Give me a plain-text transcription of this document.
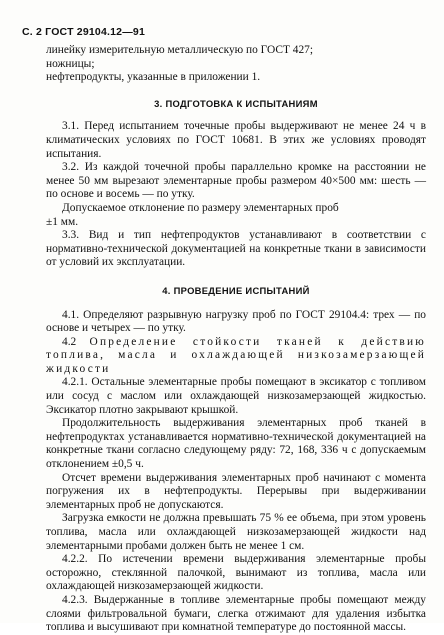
С. 2 ГОСТ 29104.12—91

линейку измерительную металлическую по ГОСТ 427;

ножницы;

нефтепродукты, указанные в приложении 1.

3. ПОДГОТОВКА К ИСПЫТАНИЯМ

3.1. Перед испытанием точечные пробы выдерживают не менее 24 ч в климатических условиях по ГОСТ 10681. В этих же условиях проводят испытания.

3.2. Из каждой точечной пробы параллельно кромке на расстоянии не менее 50 мм вырезают элементарные пробы размером 40×500 мм: шесть — по основе и восемь — по утку.

Допускаемое отклонение по размеру элементарных проб

±1 мм.

3.3. Вид и тип нефтепродуктов устанавливают в соответствии с нормативно-технической документацией на конкретные ткани в зависимости от условий их эксплуатации.

4. ПРОВЕДЕНИЕ ИСПЫТАНИЙ

4.1. Определяют разрывную нагрузку проб по ГОСТ 29104.4: трех — по основе и четырех — по утку.

4.2 Определение стойкости тканей к действию топлива, масла и охлаждающей низкозамерзающей жидкости

4.2.1. Остальные элементарные пробы помещают в эксикатор с топливом или сосуд с маслом или охлаждающей низкозамерзающей жидкостью. Эксикатор плотно закрывают крышкой.

Продолжительность выдерживания элементарных проб тканей в нефтепродуктах устанавливается нормативно-технической документацией на конкретные ткани согласно следующему ряду: 72, 168, 336 ч с допускаемым отклонением ±0,5 ч.

Отсчет времени выдерживания элементарных проб начинают с момента погружения их в нефтепродукты. Перерывы при выдерживании элементарных проб не допускаются.

Загрузка емкости не должна превышать 75 % ее объема, при этом уровень топлива, масла или охлаждающей низкозамерзающей жидкости над элементарными пробами должен быть не менее 1 см.

4.2.2. По истечении времени выдерживания элементарные пробы осторожно, стеклянной палочкой, вынимают из топлива, масла или охлаждающей низкозамерзающей жидкости.

4.2.3. Выдержанные в топливе элементарные пробы помещают между слоями фильтровальной бумаги, слегка отжимают для удаления избытка топлива и высушивают при комнатной температуре до постоянной массы.
